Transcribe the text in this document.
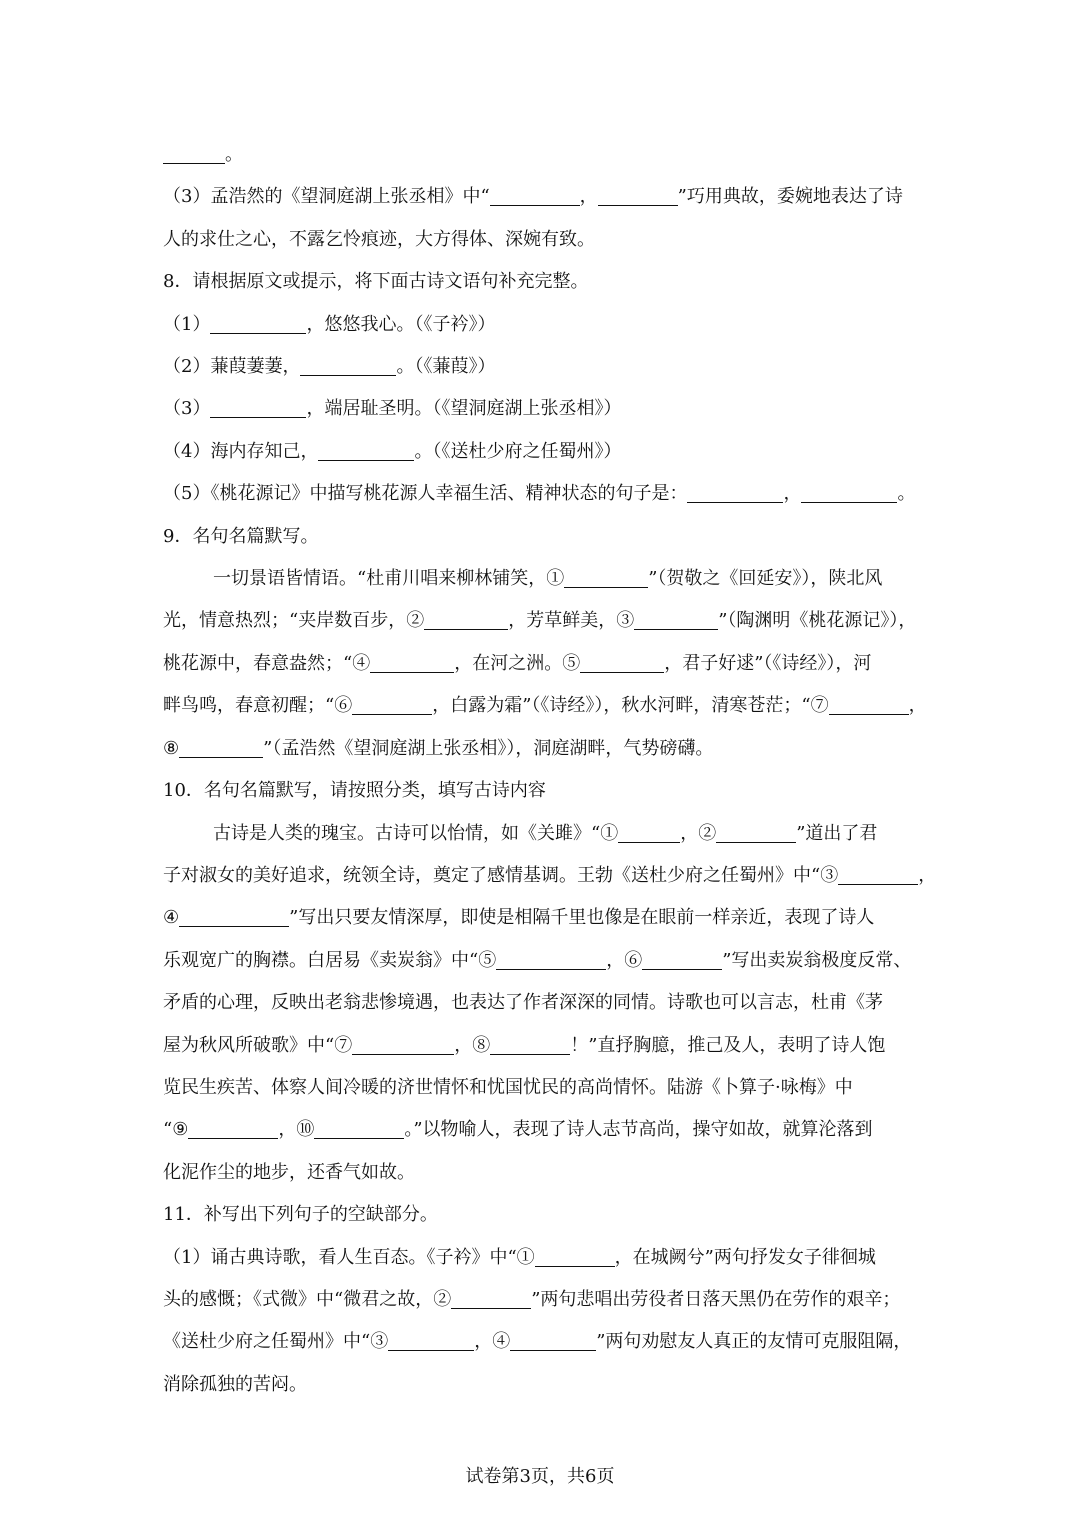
。
（3）孟浩然的《望洞庭湖上张丞相》中“	，	”巧用典故，委婉地表达了诗
人的求仕之心，不露乞怜痕迹，大方得体、深婉有致。
8．请根据原文或提示，将下面古诗文语句补充完整。
（1）	，悠悠我心。（《子衿》）
（2）蒹葭萋萋，	。（《蒹葭》）
（3）	，端居耻圣明。（《望洞庭湖上张丞相》）
（4）海内存知己，	。（《送杜少府之任蜀州》）
（5）《桃花源记》中描写桃花源人幸福生活、精神状态的句子是：	，	。
9．名句名篇默写。
一切景语皆情语。“杜甫川唱来柳林铺笑，①	”（贺敬之《回延安》），陕北风
光，情意热烈；“夹岸数百步，②	，芳草鲜美，③	”（陶渊明《桃花源记》），
桃花源中，春意盎然；“④	，在河之洲。⑤	，君子好逑”（《诗经》），河
畔鸟鸣，春意初醒；“⑥	，白露为霜”（《诗经》），秋水河畔，清寒苍茫；“⑦	，
⑧	”（孟浩然《望洞庭湖上张丞相》），洞庭湖畔，气势磅礴。
10．名句名篇默写，请按照分类，填写古诗内容
古诗是人类的瑰宝。古诗可以怡情，如《关雎》“①	，②	”道出了君
子对淑女的美好追求，统领全诗，奠定了感情基调。王勃《送杜少府之任蜀州》中“③	，
④	”写出只要友情深厚，即使是相隔千里也像是在眼前一样亲近，表现了诗人
乐观宽广的胸襟。白居易《卖炭翁》中“⑤	，⑥	”写出卖炭翁极度反常、
矛盾的心理，反映出老翁悲惨境遇，也表达了作者深深的同情。诗歌也可以言志，杜甫《茅
屋为秋风所破歌》中“⑦	，⑧	！”直抒胸臆，推己及人，表明了诗人饱
览民生疾苦、体察人间冷暖的济世情怀和忧国忧民的高尚情怀。陆游《卜算子·咏梅》中
“⑨	，⑩	。”以物喻人，表现了诗人志节高尚，操守如故，就算沦落到
化泥作尘的地步，还香气如故。
11．补写出下列句子的空缺部分。
（1）诵古典诗歌，看人生百态。《子衿》中“①	，在城阙兮”两句抒发女子徘徊城
头的感慨；《式微》中“微君之故，②	”两句悲唱出劳役者日落天黑仍在劳作的艰辛；
《送杜少府之任蜀州》中“③	，④	”两句劝慰友人真正的友情可克服阻隔，
消除孤独的苦闷。
试卷第3页，共6页
